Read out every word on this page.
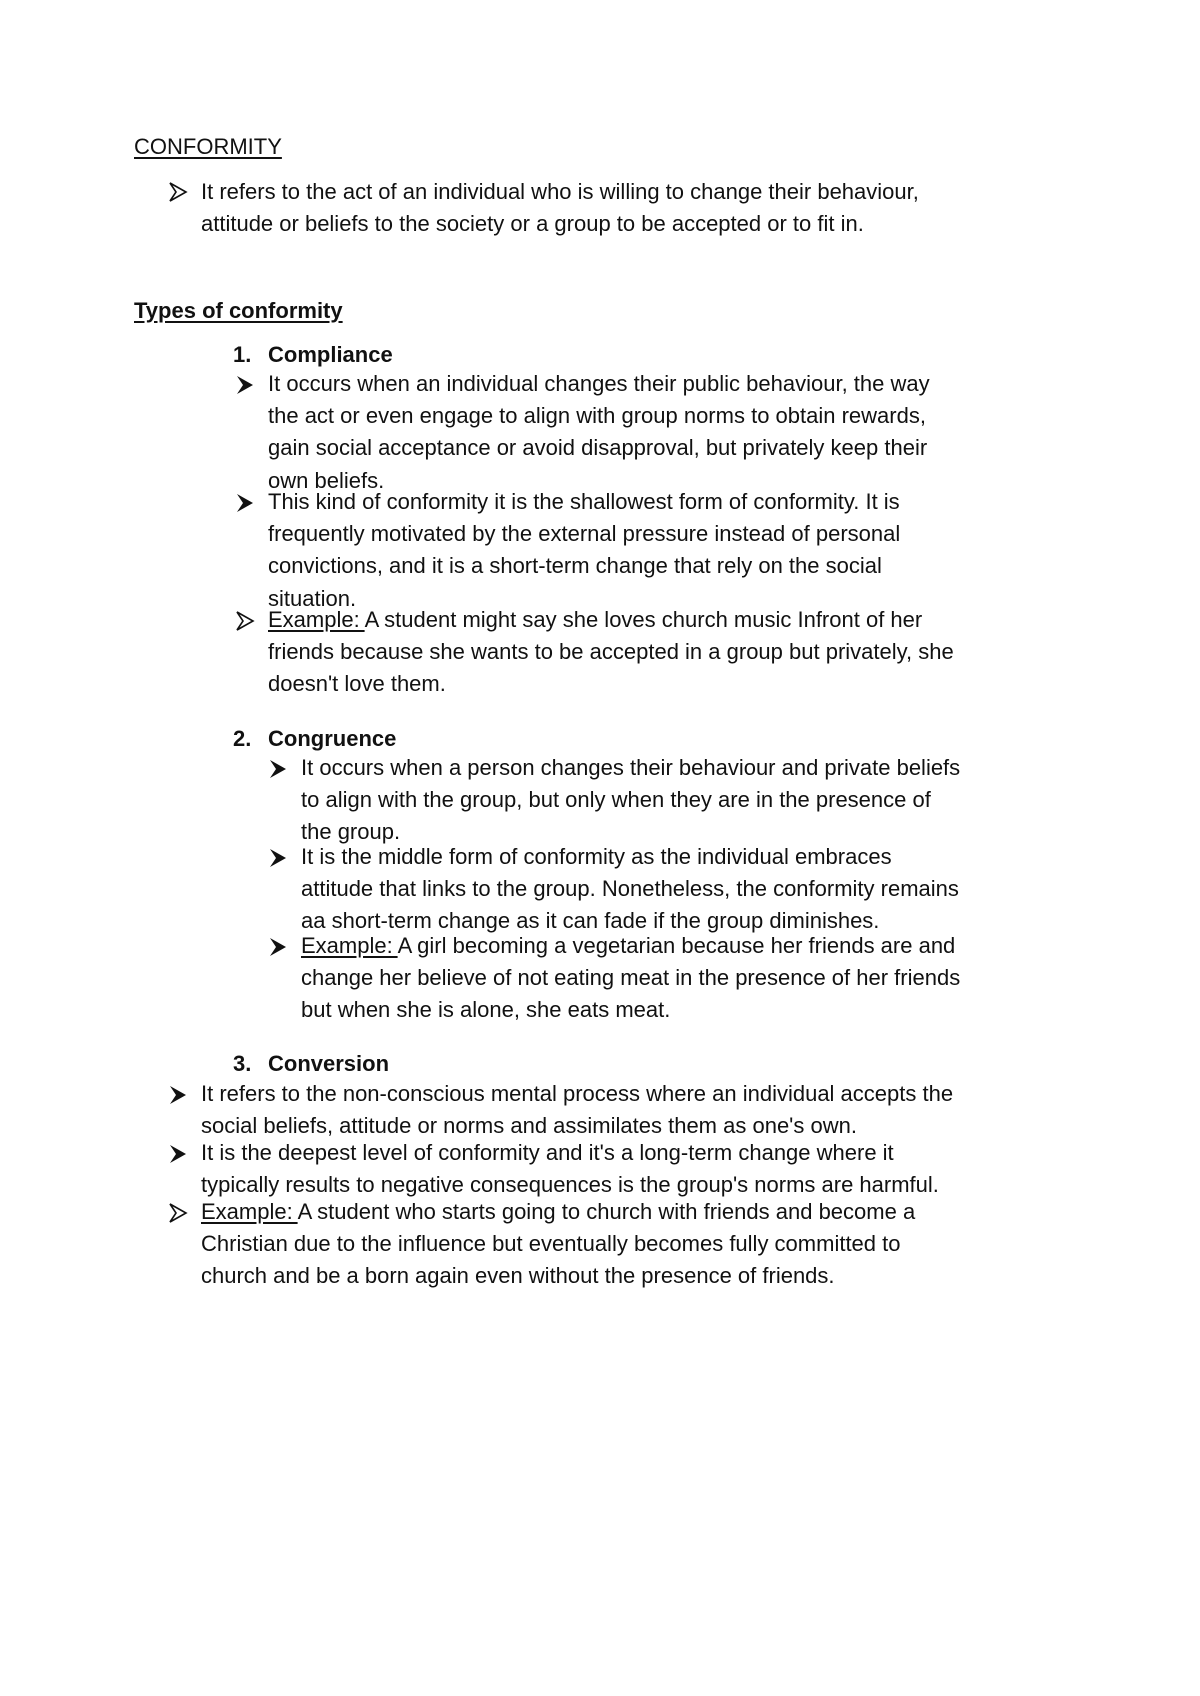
CONFORMITY
It refers to the act of an individual who is willing to change their behaviour,
attitude or beliefs to the society or a group to be accepted or to fit in.
Types of conformity
1. Compliance
It occurs when an individual changes their public behaviour, the way
the act or even engage to align with group norms to obtain rewards,
gain social acceptance or avoid disapproval, but privately keep their
own beliefs.
This kind of conformity it is the shallowest form of conformity. It is
frequently motivated by the external pressure instead of personal
convictions, and it is a short-term change that rely on the social
situation.
Example: A student might say she loves church music Infront of her
friends because she wants to be accepted in a group but privately, she
doesn't love them.
2. Congruence
It occurs when a person changes their behaviour and private beliefs
to align with the group, but only when they are in the presence of
the group.
It is the middle form of conformity as the individual embraces
attitude that links to the group. Nonetheless, the conformity remains
aa short-term change as it can fade if the group diminishes.
Example: A girl becoming a vegetarian because her friends are and
change her believe of not eating meat in the presence of her friends
but when she is alone, she eats meat.
3. Conversion
It refers to the non-conscious mental process where an individual accepts the
social beliefs, attitude or norms and assimilates them as one's own.
It is the deepest level of conformity and it's a long-term change where it
typically results to negative consequences is the group's norms are harmful.
Example: A student who starts going to church with friends and become a
Christian due to the influence but eventually becomes fully committed to
church and be a born again even without the presence of friends.
